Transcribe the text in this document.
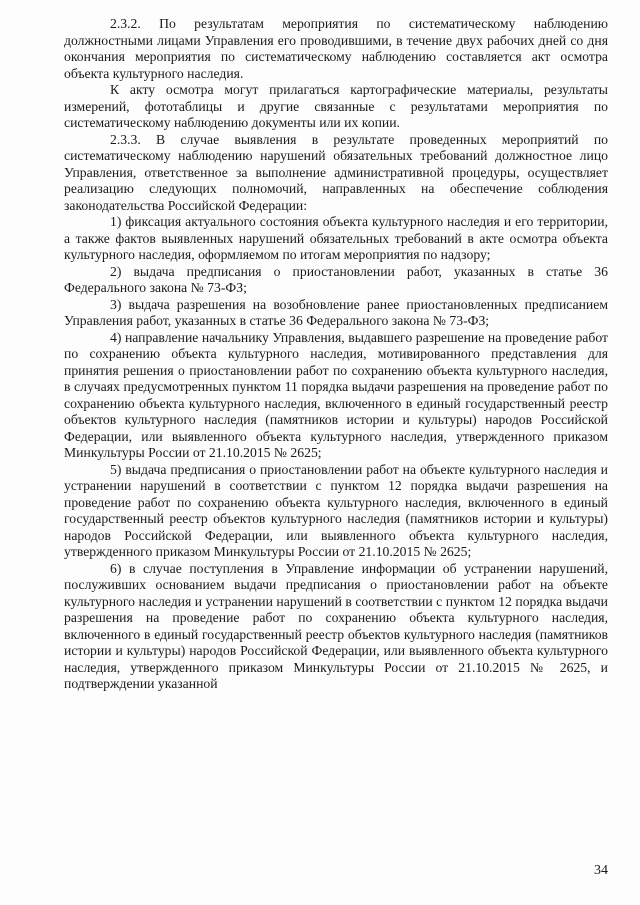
2.3.2. По результатам мероприятия по систематическому наблюдению должностными лицами Управления его проводившими, в течение двух рабочих дней со дня окончания мероприятия по систематическому наблюдению составляется акт осмотра объекта культурного наследия.

К акту осмотра могут прилагаться картографические материалы, результаты измерений, фототаблицы и другие связанные с результатами мероприятия по систематическому наблюдению документы или их копии.

2.3.3. В случае выявления в результате проведенных мероприятий по систематическому наблюдению нарушений обязательных требований должностное лицо Управления, ответственное за выполнение административной процедуры, осуществляет реализацию следующих полномочий, направленных на обеспечение соблюдения законодательства Российской Федерации:

1) фиксация актуального состояния объекта культурного наследия и его территории, а также фактов выявленных нарушений обязательных требований в акте осмотра объекта культурного наследия, оформляемом по итогам мероприятия по надзору;

2) выдача предписания о приостановлении работ, указанных в статье 36 Федерального закона № 73-ФЗ;

3) выдача разрешения на возобновление ранее приостановленных предписанием Управления работ, указанных в статье 36 Федерального закона № 73-ФЗ;

4) направление начальнику Управления, выдавшего разрешение на проведение работ по сохранению объекта культурного наследия, мотивированного представления для принятия решения о приостановлении работ по сохранению объекта культурного наследия, в случаях предусмотренных пунктом 11 порядка выдачи разрешения на проведение работ по сохранению объекта культурного наследия, включенного в единый государственный реестр объектов культурного наследия (памятников истории и культуры) народов Российской Федерации, или выявленного объекта культурного наследия, утвержденного приказом Минкультуры России от 21.10.2015 № 2625;

5) выдача предписания о приостановлении работ на объекте культурного наследия и устранении нарушений в соответствии с пунктом 12 порядка выдачи разрешения на проведение работ по сохранению объекта культурного наследия, включенного в единый государственный реестр объектов культурного наследия (памятников истории и культуры) народов Российской Федерации, или выявленного объекта культурного наследия, утвержденного приказом Минкультуры России от 21.10.2015 № 2625;

6) в случае поступления в Управление информации об устранении нарушений, послуживших основанием выдачи предписания о приостановлении работ на объекте культурного наследия и устранении нарушений в соответствии с пунктом 12 порядка выдачи разрешения на проведение работ по сохранению объекта культурного наследия, включенного в единый государственный реестр объектов культурного наследия (памятников истории и культуры) народов Российской Федерации, или выявленного объекта культурного наследия, утвержденного приказом Минкультуры России от 21.10.2015 № 2625, и подтверждении указанной

34
